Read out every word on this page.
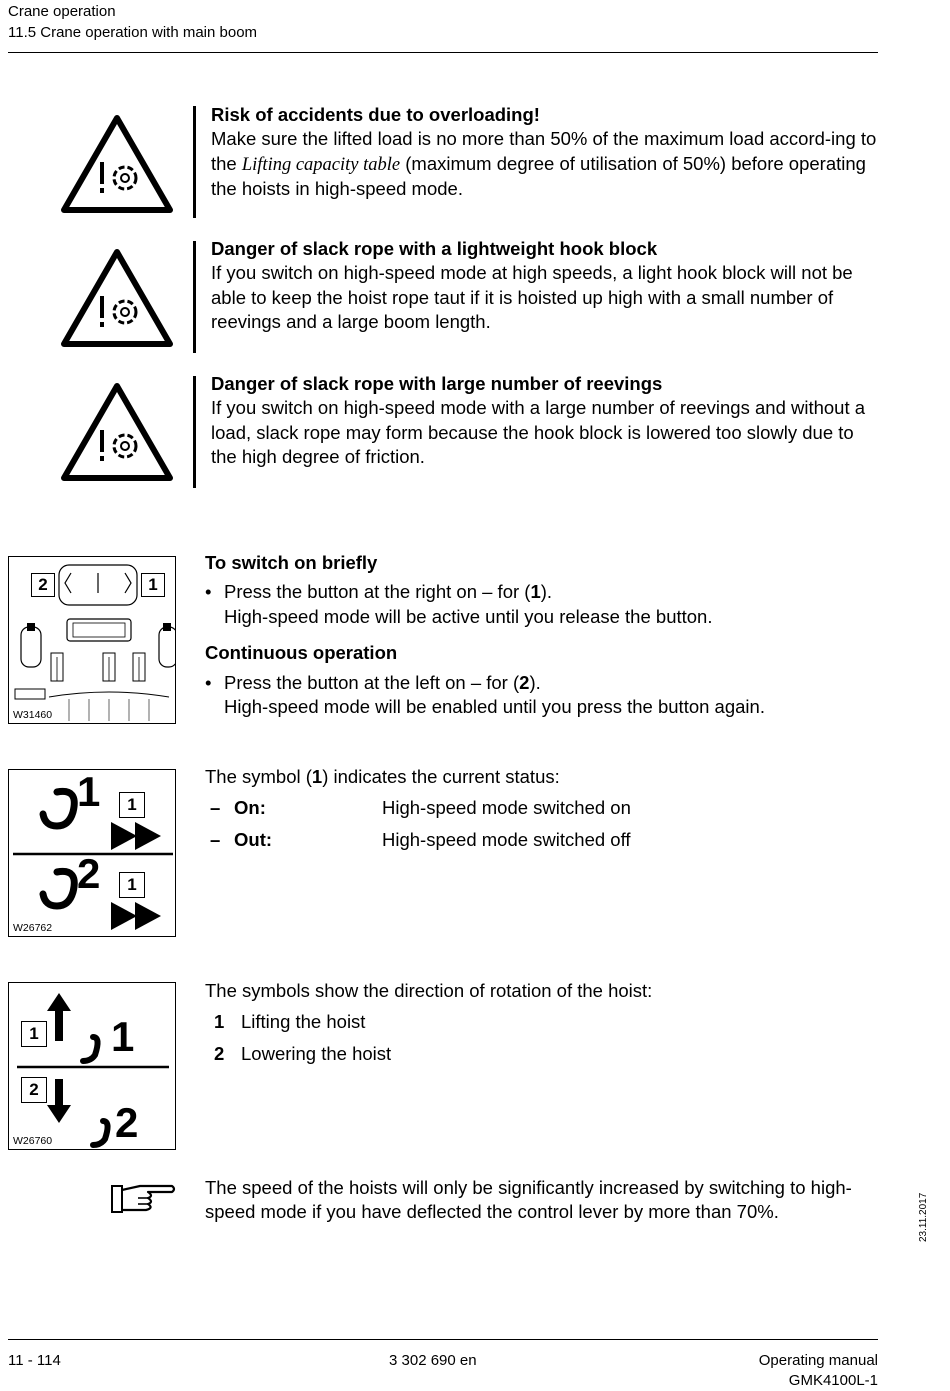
Crane operation
11.5 Crane operation with main boom
Risk of accidents due to overloading!
Make sure the lifted load is no more than 50% of the maximum load accord-ing to the Lifting capacity table (maximum degree of utilisation of 50%) before operating the hoists in high-speed mode.
Danger of slack rope with a lightweight hook block
If you switch on high-speed mode at high speeds, a light hook block will not be able to keep the hoist rope taut if it is hoisted up high with a small number of reevings and a large boom length.
Danger of slack rope with large number of reevings
If you switch on high-speed mode with a large number of reevings and without a load, slack rope may form because the hook block is lowered too slowly due to the high degree of friction.
2	1
W31460
To switch on briefly
• Press the button at the right on – for (1).
High-speed mode will be active until you release the button.
Continuous operation
• Press the button at the left on – for (2).
High-speed mode will be enabled until you press the button again.
1
2
1
1
W26762
The symbol (1) indicates the current status:
– On:	High-speed mode switched on
– Out:	High-speed mode switched off
1
2
1
2
W26760
The symbols show the direction of rotation of the hoist:
1 Lifting the hoist
2 Lowering the hoist
The speed of the hoists will only be significantly increased by switching to high-speed mode if you have deflected the control lever by more than 70%.	23.11.2017
11 - 114	3 302 690 en	Operating manual
GMK4100L-1
